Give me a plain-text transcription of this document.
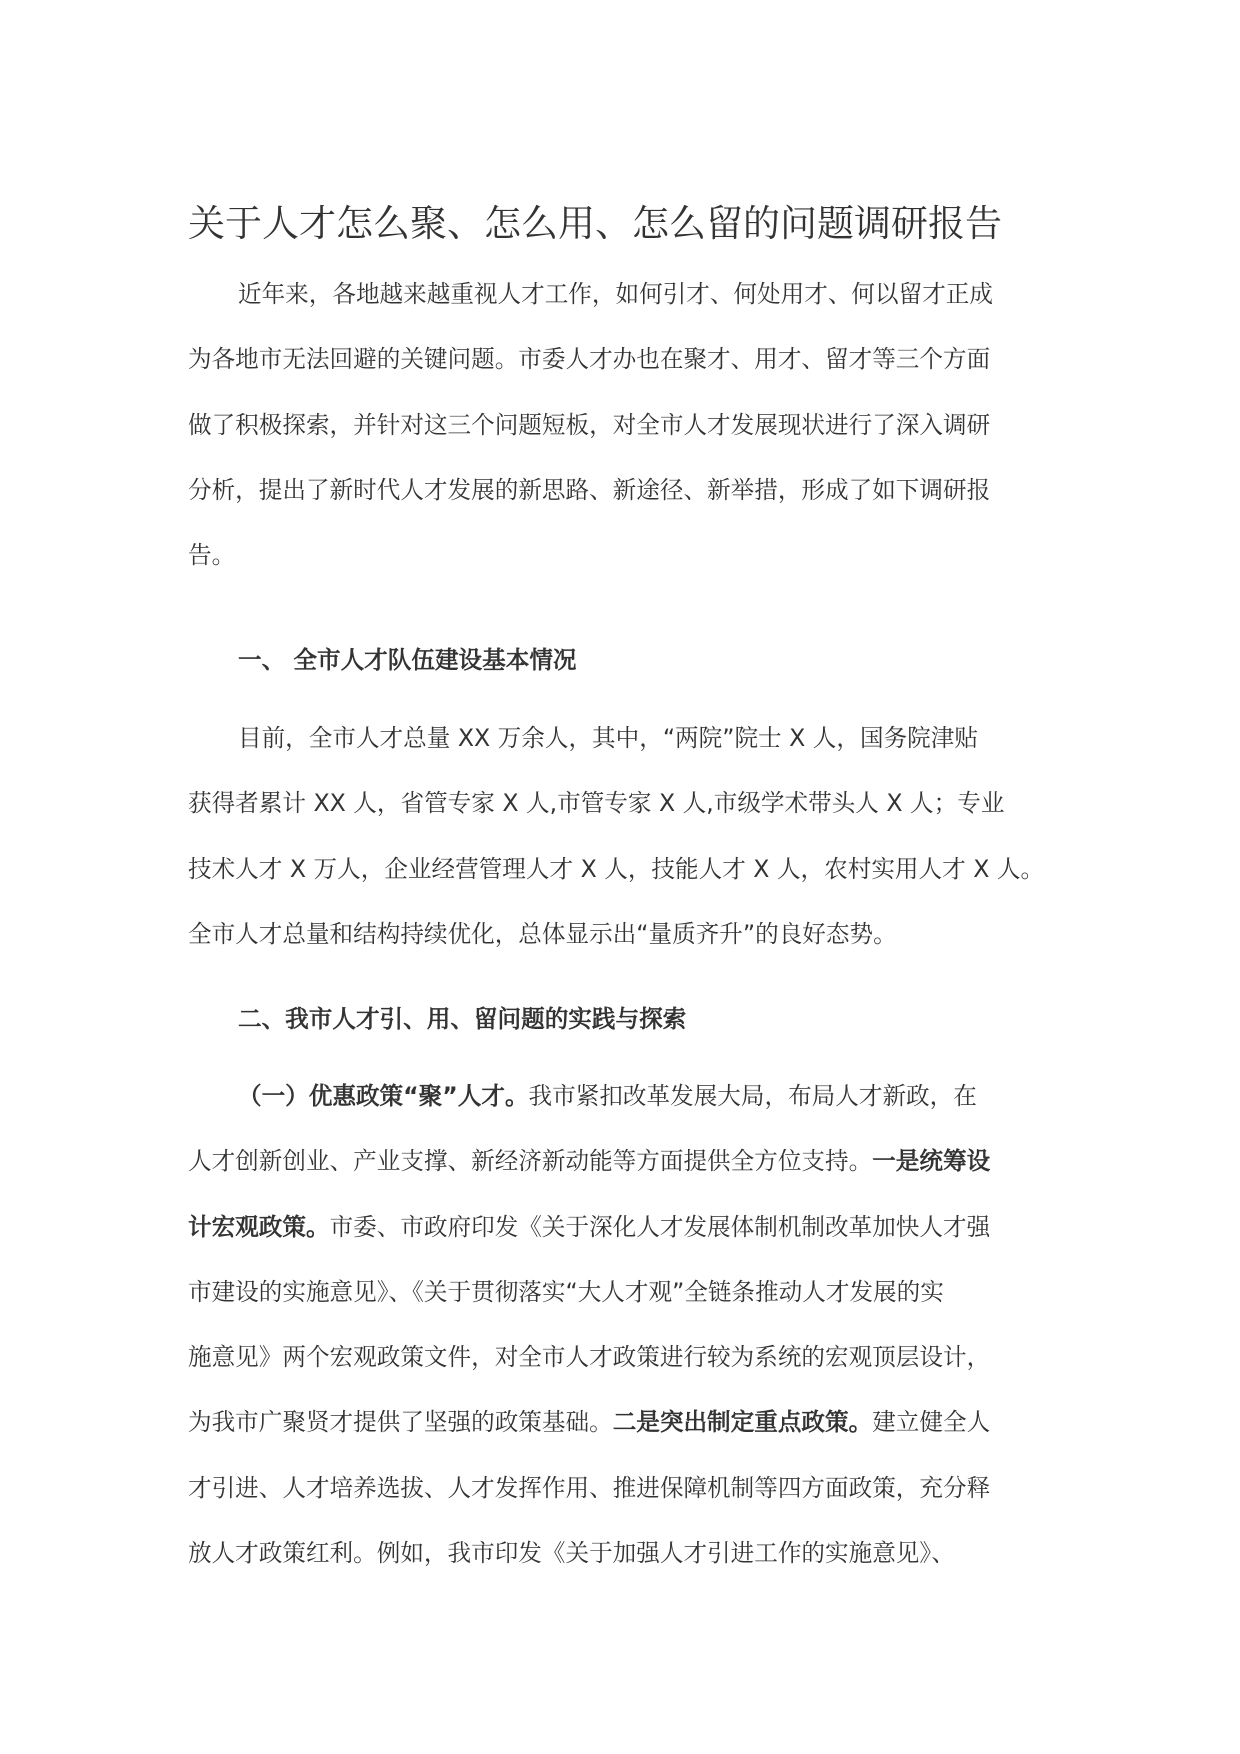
关于人才怎么聚、怎么用、怎么留的问题调研报告
近年来，各地越来越重视人才工作，如何引才、何处用才、何以留才正成
为各地市无法回避的关键问题。市委人才办也在聚才、用才、留才等三个方面
做了积极探索，并针对这三个问题短板，对全市人才发展现状进行了深入调研
分析，提出了新时代人才发展的新思路、新途径、新举措，形成了如下调研报
告。
一、 全市人才队伍建设基本情况
目前，全市人才总量 XX 万余人，其中，“两院”院士 X 人，国务院津贴
获得者累计 XX 人，省管专家 X 人,市管专家 X 人,市级学术带头人 X 人；专业
技术人才 X 万人，企业经营管理人才 X 人，技能人才 X 人，农村实用人才 X 人。
全市人才总量和结构持续优化，总体显示出“量质齐升”的良好态势。
二、我市人才引、用、留问题的实践与探索
（一）优惠政策“聚”人才。我市紧扣改革发展大局，布局人才新政，在
人才创新创业、产业支撑、新经济新动能等方面提供全方位支持。一是统筹设
计宏观政策。市委、市政府印发《关于深化人才发展体制机制改革加快人才强
市建设的实施意见》、《关于贯彻落实“大人才观”全链条推动人才发展的实
施意见》两个宏观政策文件，对全市人才政策进行较为系统的宏观顶层设计，
为我市广聚贤才提供了坚强的政策基础。二是突出制定重点政策。建立健全人
才引进、人才培养选拔、人才发挥作用、推进保障机制等四方面政策，充分释
放人才政策红利。例如，我市印发《关于加强人才引进工作的实施意见》、
